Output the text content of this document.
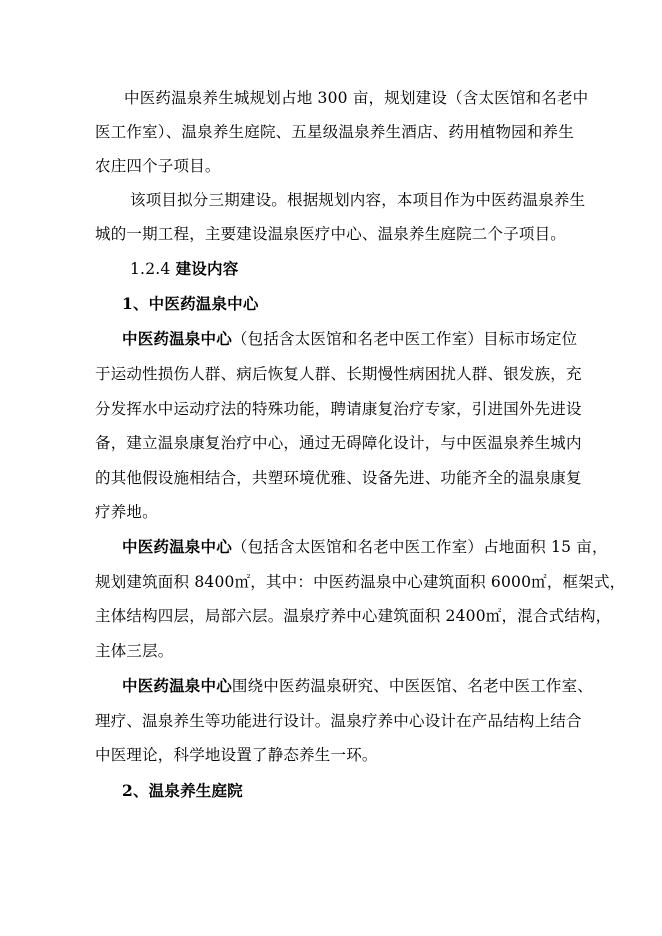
中医药温泉养生城规划占地 300 亩，规划建设（含太医馆和名老中
医工作室）、温泉养生庭院、五星级温泉养生酒店、药用植物园和养生
农庄四个子项目。
该项目拟分三期建设。根据规划内容，本项目作为中医药温泉养生
城的一期工程，主要建设温泉医疗中心、温泉养生庭院二个子项目。
1.2.4 建设内容
1、中医药温泉中心
中医药温泉中心（包括含太医馆和名老中医工作室）目标市场定位
于运动性损伤人群、病后恢复人群、长期慢性病困扰人群、银发族，充
分发挥水中运动疗法的特殊功能，聘请康复治疗专家，引进国外先进设
备，建立温泉康复治疗中心，通过无碍障化设计，与中医温泉养生城内
的其他假设施相结合，共塑环境优雅、设备先进、功能齐全的温泉康复
疗养地。
中医药温泉中心（包括含太医馆和名老中医工作室）占地面积 15 亩，
规划建筑面积 8400㎡，其中：中医药温泉中心建筑面积 6000㎡，框架式，
主体结构四层，局部六层。温泉疗养中心建筑面积 2400㎡，混合式结构，
主体三层。
中医药温泉中心围绕中医药温泉研究、中医医馆、名老中医工作室、
理疗、温泉养生等功能进行设计。温泉疗养中心设计在产品结构上结合
中医理论，科学地设置了静态养生一环。
2、温泉养生庭院
